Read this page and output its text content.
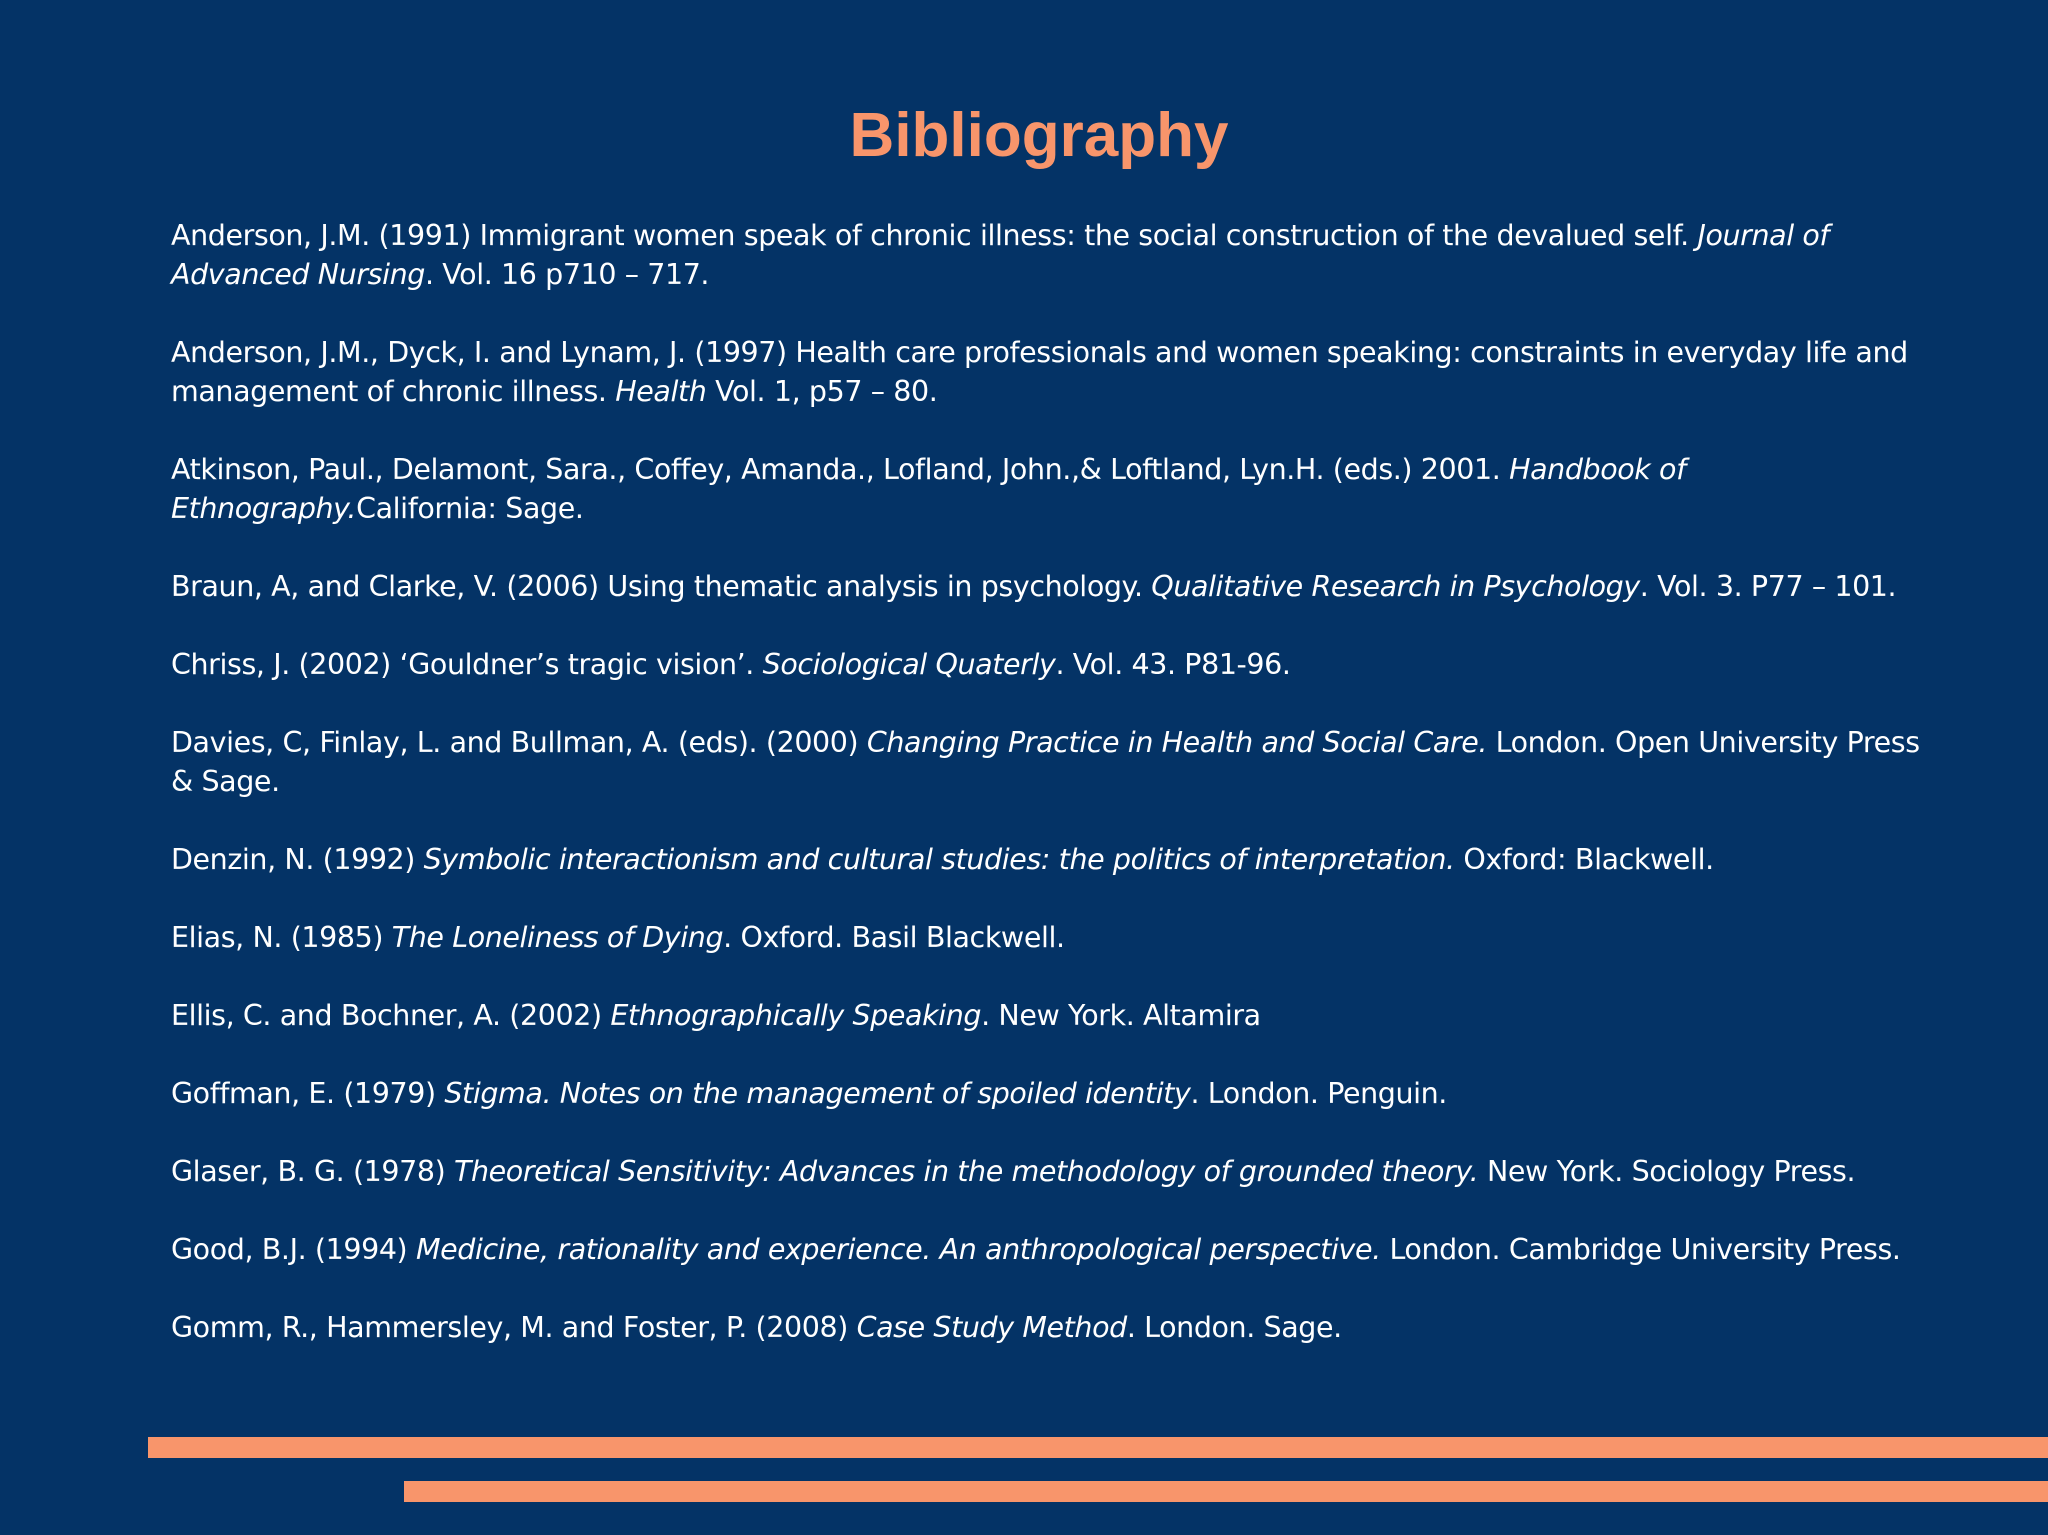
Bibliography
Anderson, J.M. (1991) Immigrant women speak of chronic illness: the social construction of the devalued self. Journal of Advanced Nursing. Vol. 16 p710 – 717.
Anderson, J.M., Dyck, I. and Lynam, J. (1997) Health care professionals and women speaking: constraints in everyday life and management of chronic illness. Health Vol. 1, p57 – 80.
Atkinson, Paul., Delamont, Sara., Coffey, Amanda., Lofland, John.,& Loftland, Lyn.H. (eds.) 2001. Handbook of Ethnography.California: Sage.
Braun, A, and Clarke, V. (2006) Using thematic analysis in psychology. Qualitative Research in Psychology. Vol. 3. P77 – 101.
Chriss, J. (2002) ‘Gouldner’s tragic vision’. Sociological Quaterly. Vol. 43. P81-96.
Davies, C, Finlay, L. and Bullman, A. (eds). (2000) Changing Practice in Health and Social Care. London. Open University Press & Sage.
Denzin, N. (1992) Symbolic interactionism and cultural studies: the politics of interpretation. Oxford: Blackwell.
Elias, N. (1985) The Loneliness of Dying. Oxford. Basil Blackwell.
Ellis, C. and Bochner, A. (2002) Ethnographically Speaking. New York. Altamira
Goffman, E. (1979) Stigma. Notes on the management of spoiled identity. London. Penguin.
Glaser, B. G. (1978) Theoretical Sensitivity: Advances in the methodology of grounded theory. New York. Sociology Press.
Good, B.J. (1994) Medicine, rationality and experience. An anthropological perspective. London. Cambridge University Press.
Gomm, R., Hammersley, M. and Foster, P. (2008) Case Study Method. London. Sage.
